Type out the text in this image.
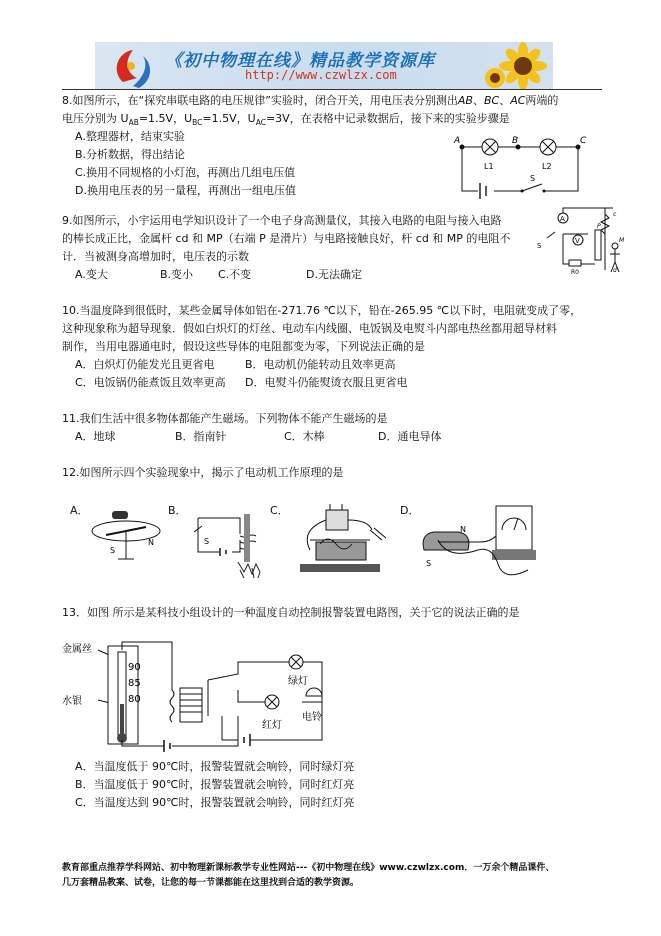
《初中物理在线》精品教学资源库
http://www.czwlzx.com
8.如图所示，在“探究串联电路的电压规律”实验时，闭合开关，用电压表分别测出AB、BC、AC两端的
电压分别为 $U_{AB}=1.5V$，$U_{BC}=1.5V$，$U_{AC}=3V$，在表格中记录数据后，接下来的实验步骤是
A.整理器材，结束实验
B.分析数据，得出结论
C.换用不同规格的小灯泡，再测出几组电压值
D.换用电压表的另一量程，再测出一组电压值
A	B	C
L1	L2
S
9.如图所示，小宇运用电学知识设计了一个电子身高测量仪，其接入电路的电阻与接入电路
的棒长成正比，金属杆 cd 和 MP（右端 P 是滑片）与电路接触良好，杆 cd 和 MP 的电阻不
计．当被测身高增加时，电压表的示数
A.变大	B.变小 C.不变	D.无法确定
A
V
S
R0
c
d
M
P
10.当温度降到很低时，某些金属导体如铝在-271.76 ℃以下，铅在-265.95 ℃以下时，电阻就变成了零，
这种现象称为超导现象．假如白炽灯的灯丝、电动车内线圈、电饭锅及电熨斗内部电热丝都用超导材料
制作，当用电器通电时，假设这些导体的电阻都变为零，下列说法正确的是
A．白炽灯仍能发光且更省电	B．电动机仍能转动且效率更高
C．电饭锅仍能煮饭且效率更高 D．电熨斗仍能熨烫衣服且更省电
11.我们生活中很多物体都能产生磁场。下列物体不能产生磁场的是
A．地球	B．指南针	C．木棒	D．通电导体
12.如图所示四个实验现象中，揭示了电动机工作原理的是
A．	B．	C．	D．
S
N	S
N
S
13．如图 所示是某科技小组设计的一种温度自动控制报警装置电路图，关于它的说法正确的是
金属丝
水银
90
85
80
绿灯
红灯
电铃
A．当温度低于 90℃时，报警装置就会响铃，同时绿灯亮
B．当温度低于 90℃时，报警装置就会响铃，同时红灯亮
C．当温度达到 90℃时，报警装置就会响铃，同时红灯亮
教育部重点推荐学科网站、初中物理新课标教学专业性网站---《初中物理在线》www.czwlzx.com．一万余个精品课件、
几万套精品教案、试卷，让您的每一节课都能在这里找到合适的教学资源。
